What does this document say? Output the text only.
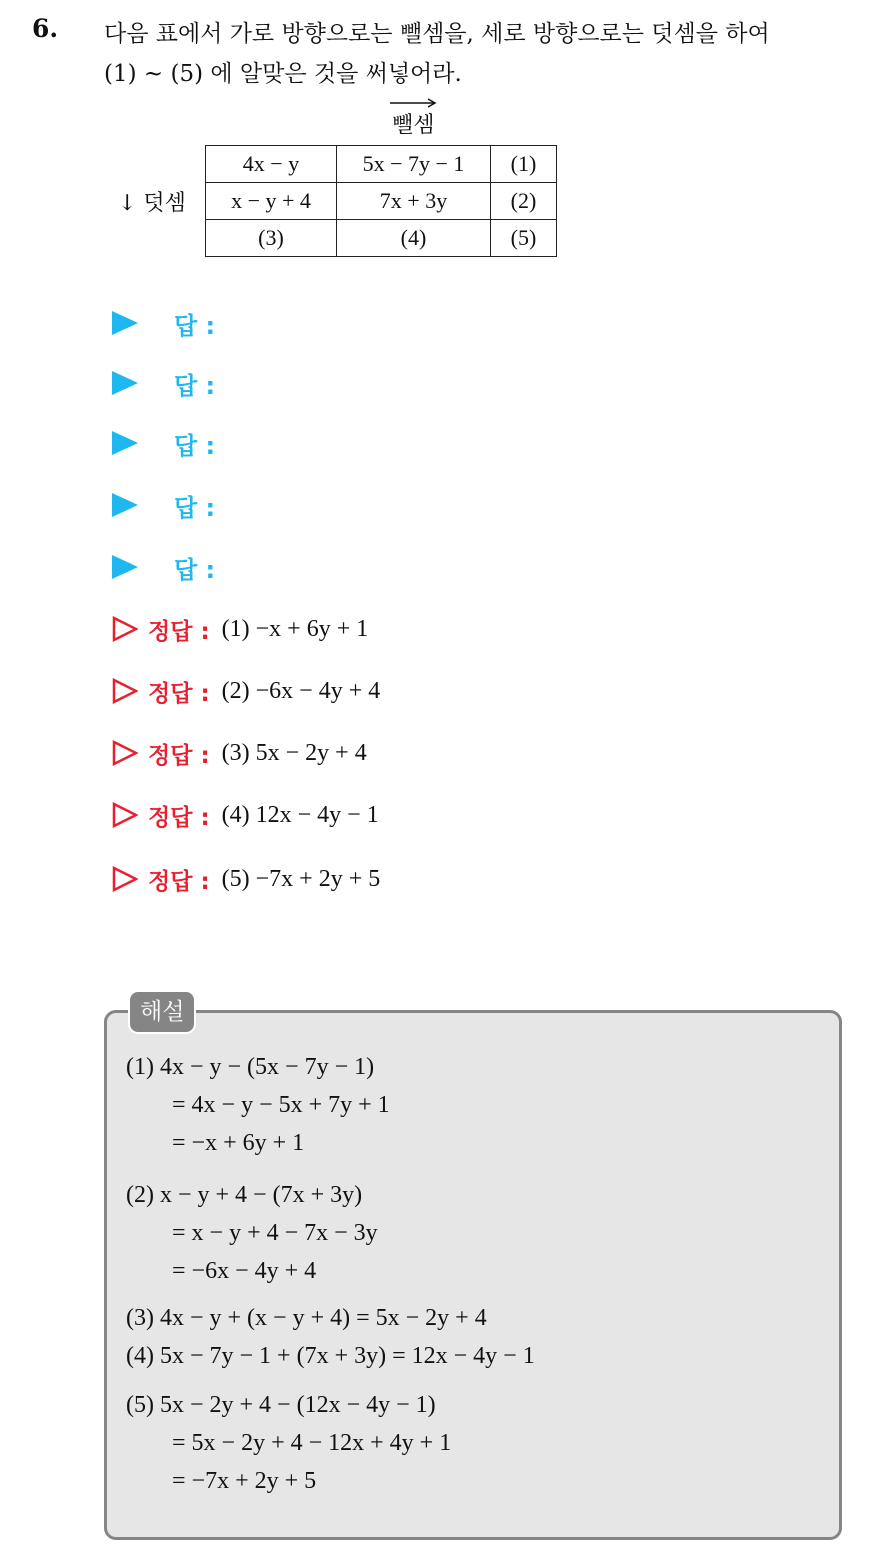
6. 다음 표에서 가로 방향으로는 뺄셈을, 세로 방향으로는 덧셈을 하여
(1) ~ (5) 에 알맞은 것을 써넣어라.
뺄셈
↓ 덧셈
4x − y	5x − 7y − 1	(1)
x − y + 4	7x + 3y	(2)
(3)	(4)	(5)
답 :
답 :
답 :
답 :
답 :
정답 : (1) −x + 6y + 1
정답 : (2) −6x − 4y + 4
정답 : (3) 5x − 2y + 4
정답 : (4) 12x − 4y − 1
정답 : (5) −7x + 2y + 5
해설
(1) 4x − y − (5x − 7y − 1)
= 4x − y − 5x + 7y + 1
= −x + 6y + 1
(2) x − y + 4 − (7x + 3y)
= x − y + 4 − 7x − 3y
= −6x − 4y + 4
(3) 4x − y + (x − y + 4) = 5x − 2y + 4
(4) 5x − 7y − 1 + (7x + 3y) = 12x − 4y − 1
(5) 5x − 2y + 4 − (12x − 4y − 1)
= 5x − 2y + 4 − 12x + 4y + 1
= −7x + 2y + 5
